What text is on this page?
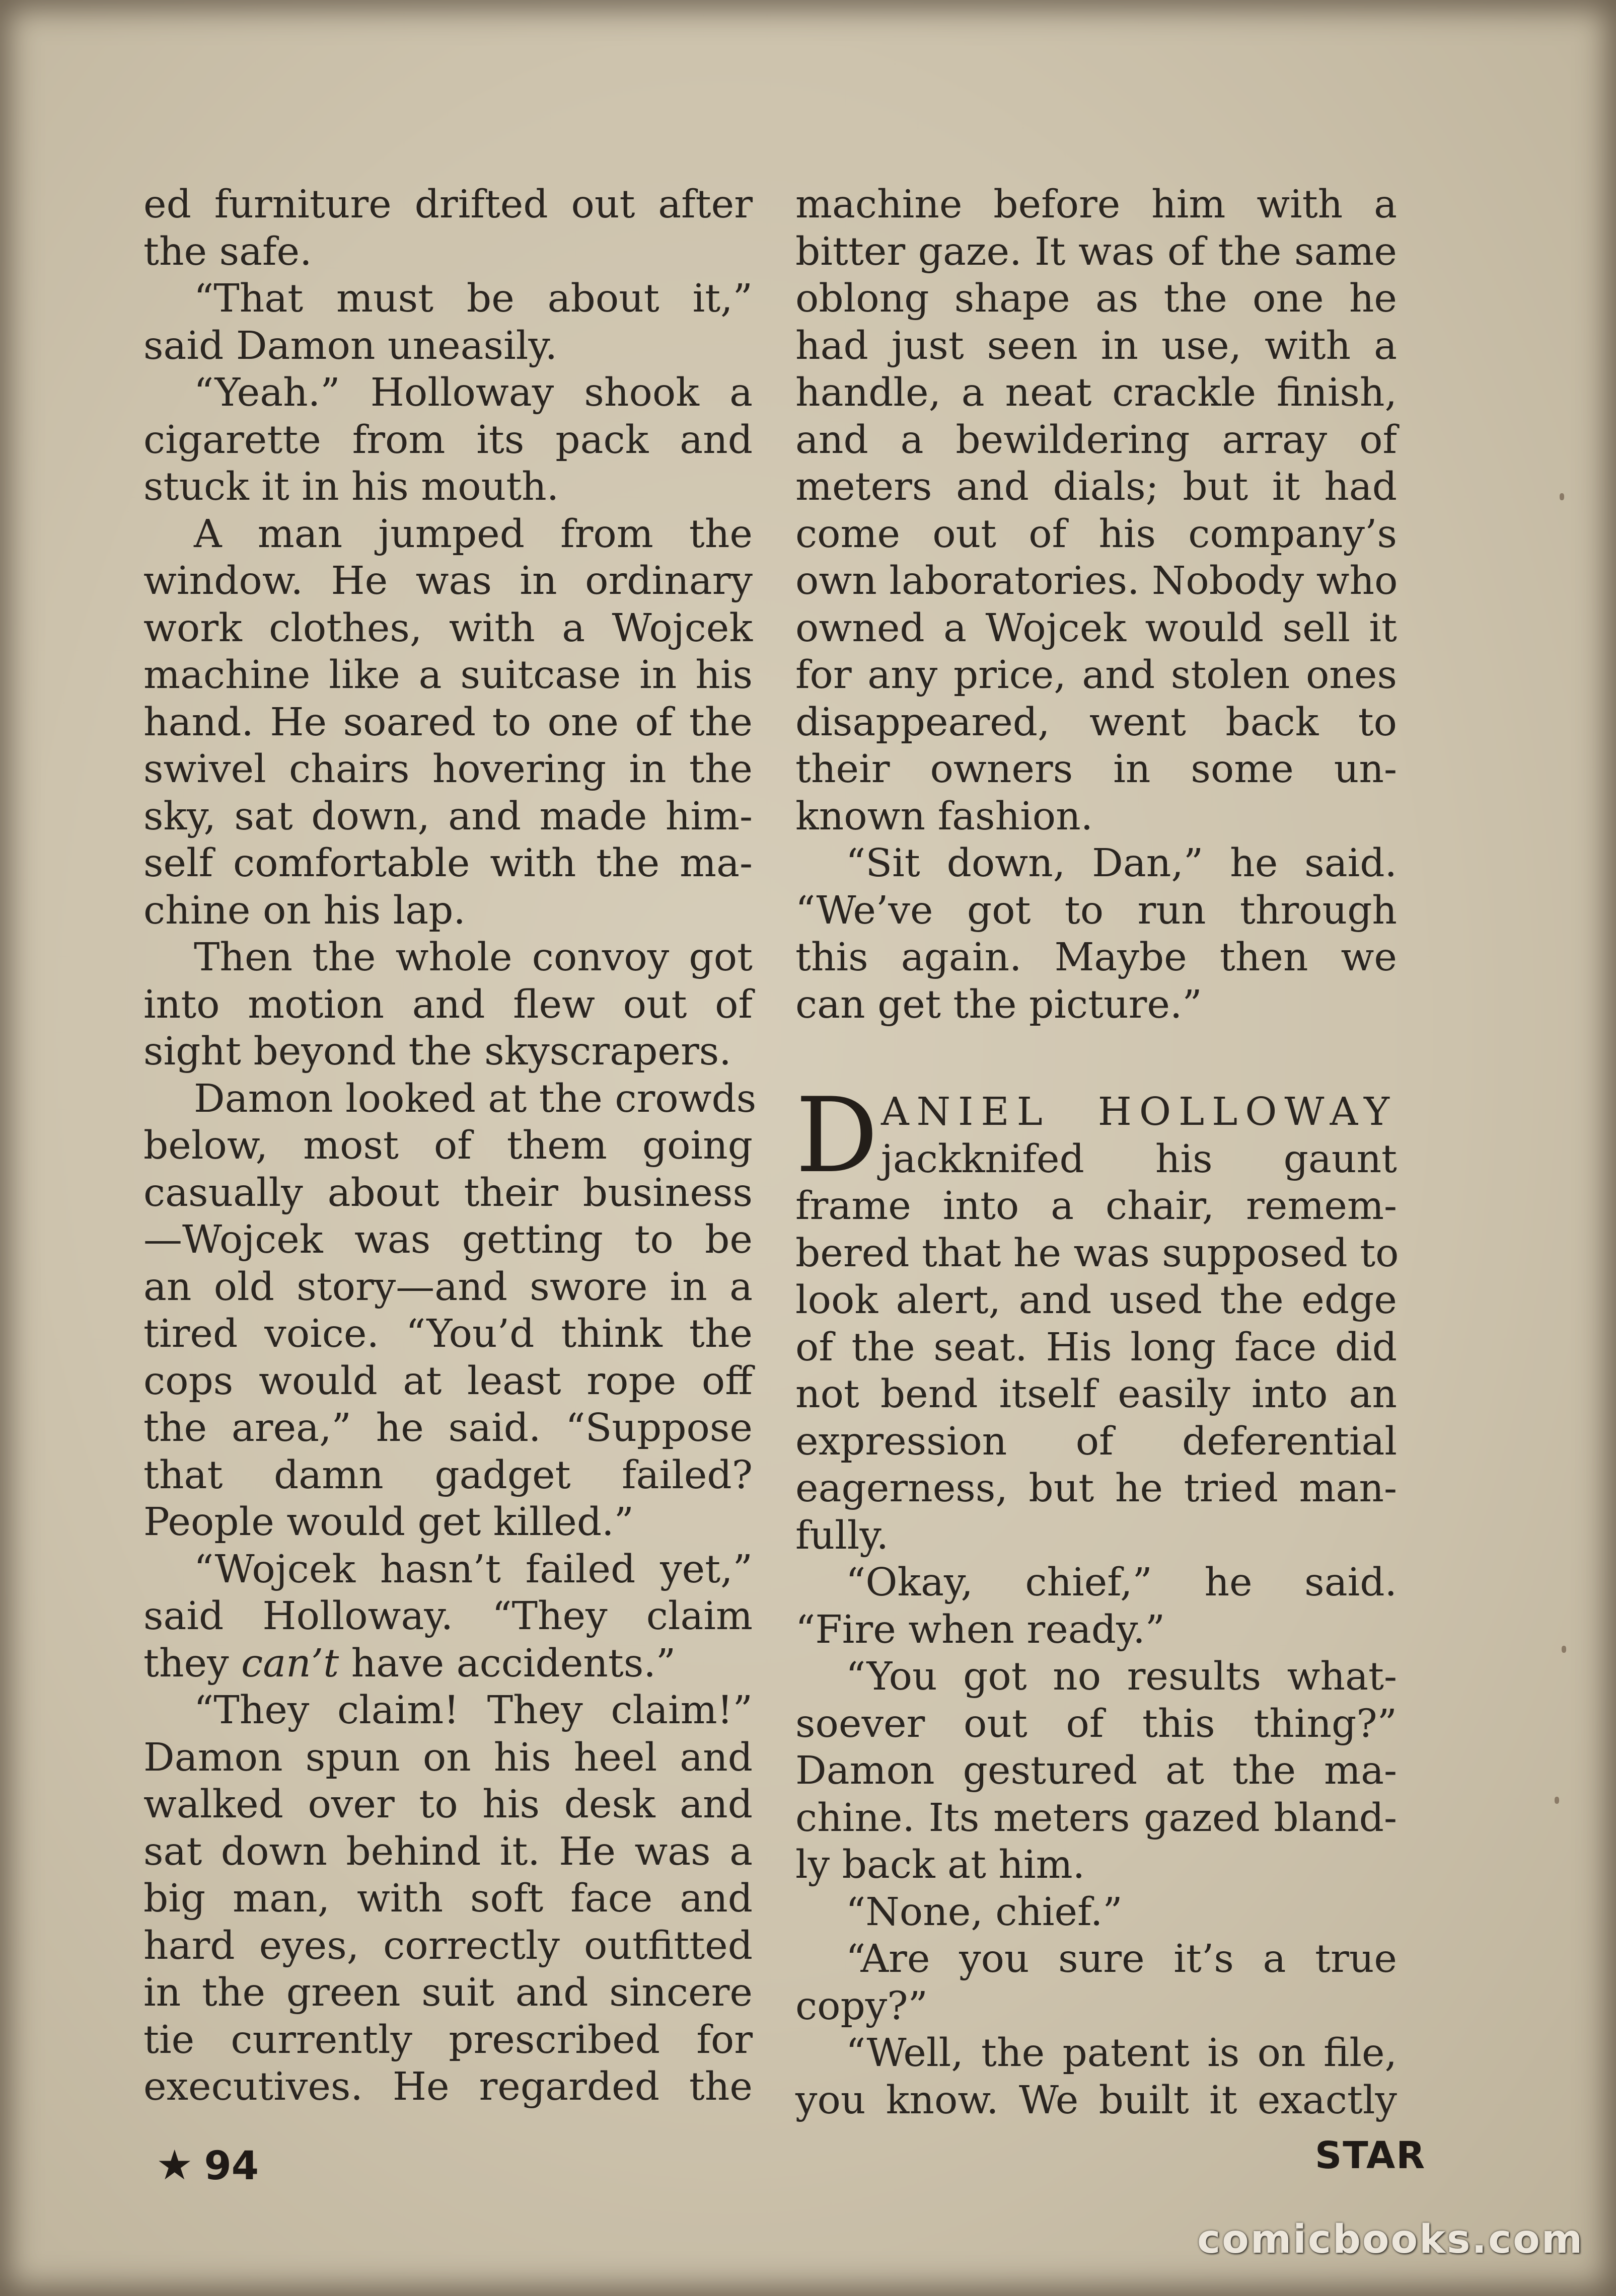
ed furniture drifted out after
the safe.
“That must be about it,”
said Damon uneasily.
“Yeah.” Holloway shook a
cigarette from its pack and
stuck it in his mouth.
A man jumped from the
window. He was in ordinary
work clothes, with a Wojcek
machine like a suitcase in his
hand. He soared to one of the
swivel chairs hovering in the
sky, sat down, and made him-
self comfortable with the ma-
chine on his lap.
Then the whole convoy got
into motion and flew out of
sight beyond the skyscrapers.
Damon looked at the crowds
below, most of them going
casually about their business
—Wojcek was getting to be
an old story—and swore in a
tired voice. “You’d think the
cops would at least rope off
the area,” he said. “Suppose
that damn gadget failed?
People would get killed.”
“Wojcek hasn’t failed yet,”
said Holloway. “They claim
they can’t have accidents.”
“They claim! They claim!”
Damon spun on his heel and
walked over to his desk and
sat down behind it. He was a
big man, with soft face and
hard eyes, correctly outfitted
in the green suit and sincere
tie currently prescribed for
executives. He regarded the
machine before him with a
bitter gaze. It was of the same
oblong shape as the one he
had just seen in use, with a
handle, a neat crackle finish,
and a bewildering array of
meters and dials; but it had
come out of his company’s
own laboratories. Nobody who
owned a Wojcek would sell it
for any price, and stolen ones
disappeared, went back to
their owners in some un-
known fashion.
“Sit down, Dan,” he said.
“We’ve got to run through
this again. Maybe then we
can get the picture.”
D ANIEL HOLLOWAY
jackknifed his gaunt
frame into a chair, remem-
bered that he was supposed to
look alert, and used the edge
of the seat. His long face did
not bend itself easily into an
expression of deferential
eagerness, but he tried man-
fully.
“Okay, chief,” he said.
“Fire when ready.”
“You got no results what-
soever out of this thing?”
Damon gestured at the ma-
chine. Its meters gazed bland-
ly back at him.
“None, chief.”
“Are you sure it’s a true
copy?”
“Well, the patent is on file,
you know. We built it exactly
★ 94	STAR
comicbooks.com
